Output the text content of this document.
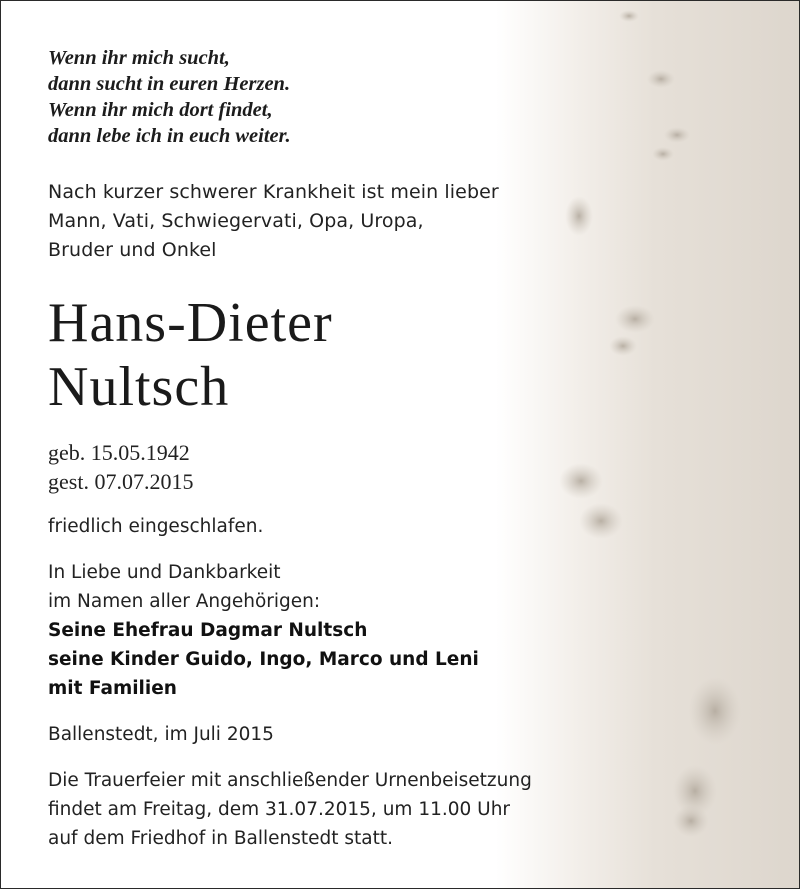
Wenn ihr mich sucht,
dann sucht in euren Herzen.
Wenn ihr mich dort findet,
dann lebe ich in euch weiter.
Nach kurzer schwerer Krankheit ist mein lieber
Mann, Vati, Schwiegervati, Opa, Uropa,
Bruder und Onkel
Hans-Dieter
Nultsch
geb. 15.05.1942
gest. 07.07.2015
friedlich eingeschlafen.
In Liebe und Dankbarkeit
im Namen aller Angehörigen:
Seine Ehefrau Dagmar Nultsch
seine Kinder Guido, Ingo, Marco und Leni
mit Familien
Ballenstedt, im Juli 2015
Die Trauerfeier mit anschließender Urnenbeisetzung
findet am Freitag, dem 31.07.2015, um 11.00 Uhr
auf dem Friedhof in Ballenstedt statt.
